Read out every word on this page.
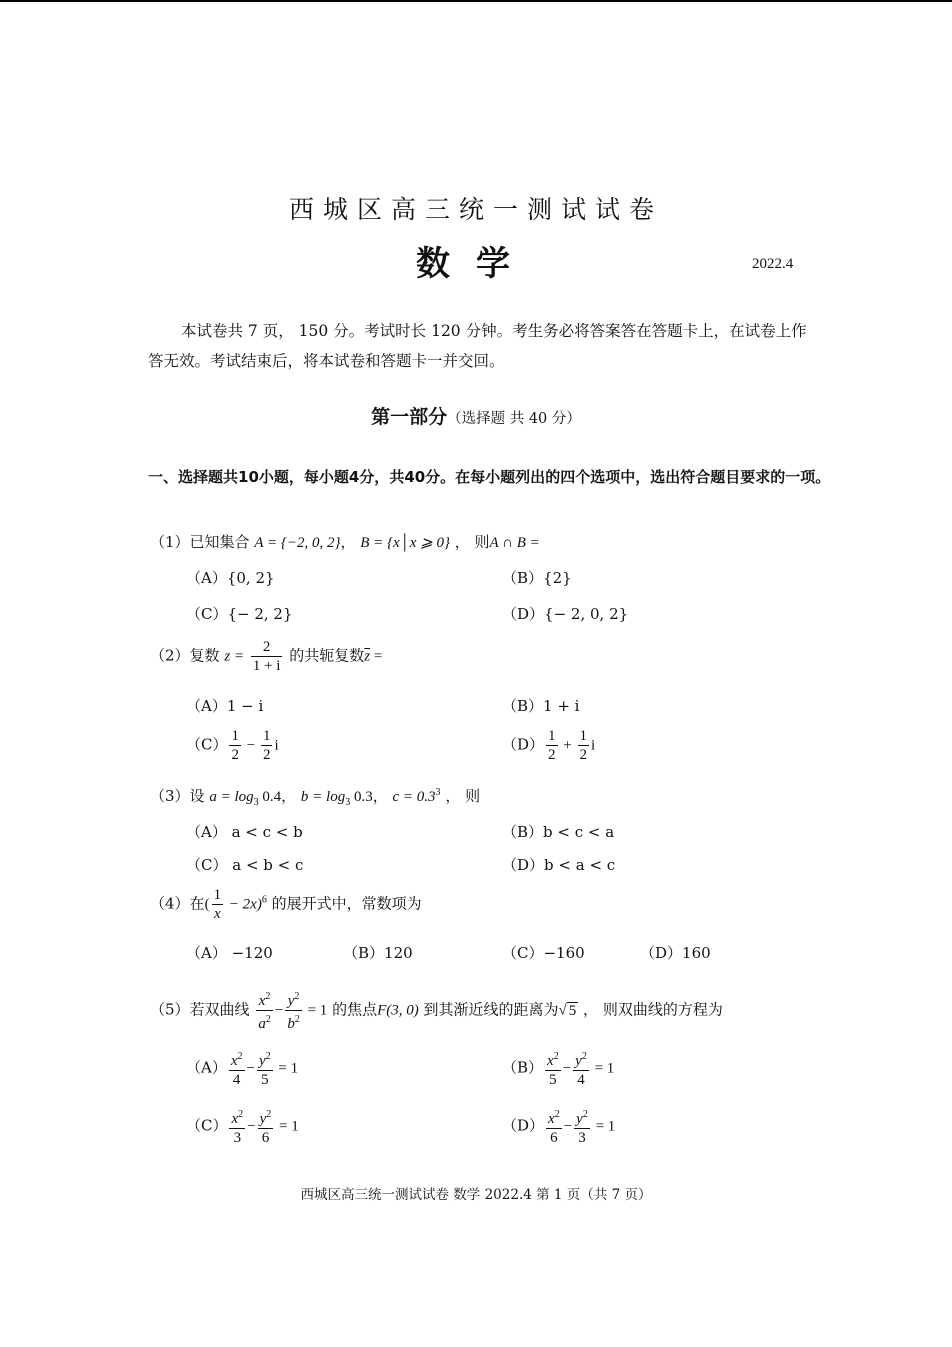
西城区高三统一测试试卷
数学	2022.4
本试卷共 7 页， 150 分。考试时长 120 分钟。考生务必将答案答在答题卡上，在试卷上作答无效。考试结束后，将本试卷和答题卡一并交回。
第一部分（选择题 共 40 分）
一、选择题共10小题，每小题4分，共40分。在每小题列出的四个选项中，选出符合题目要求的一项。
（1）已知集合 A = {−2, 0, 2}， B = {x | x ⩾ 0} ， 则A ∩ B =
（A）{0, 2}	（B）{2}
（C）{− 2, 2}	（D）{− 2, 0, 2}
（2）复数 $z = \frac{2}{1 + i}$ 的共轭复数$\overline{z}$ =
（A）1 − i	（B）1 + i
$(C) \frac{1}{2} - \frac{1}{2}$ i	$(D) \frac{1}{2} + \frac{1}{2}$ i
（3）设 $a = \log_3 0.4$， $b = \log_3 0.3$， $c = 0.3^3$ ， 则
（A） a < c < b	（B）b < c < a
（C） a < b < c	（D）b < a < c
（4）在( $\frac{1}{x} - 2x)^6$ 的展开式中，常数项为
（A） −120	（B）120	（C）−160	（D）160
（5）若双曲线 $\frac{x^2}{a^2} - \frac{y^2}{b^2} = 1$ 的焦点F(3, 0) 到其渐近线的距离为√ 5 ， 则双曲线的方程为
$(A) \frac{x^2}{4} - \frac{y^2}{5} = 1$	$(B) \frac{x^2}{5} - \frac{y^2}{4} = 1$
$(C) \frac{x^2}{3} - \frac{y^2}{6} = 1$	$(D) \frac{x^2}{6} - \frac{y^2}{3} = 1$
西城区高三统一测试试卷 数学 2022.4 第 1 页（共 7 页）
